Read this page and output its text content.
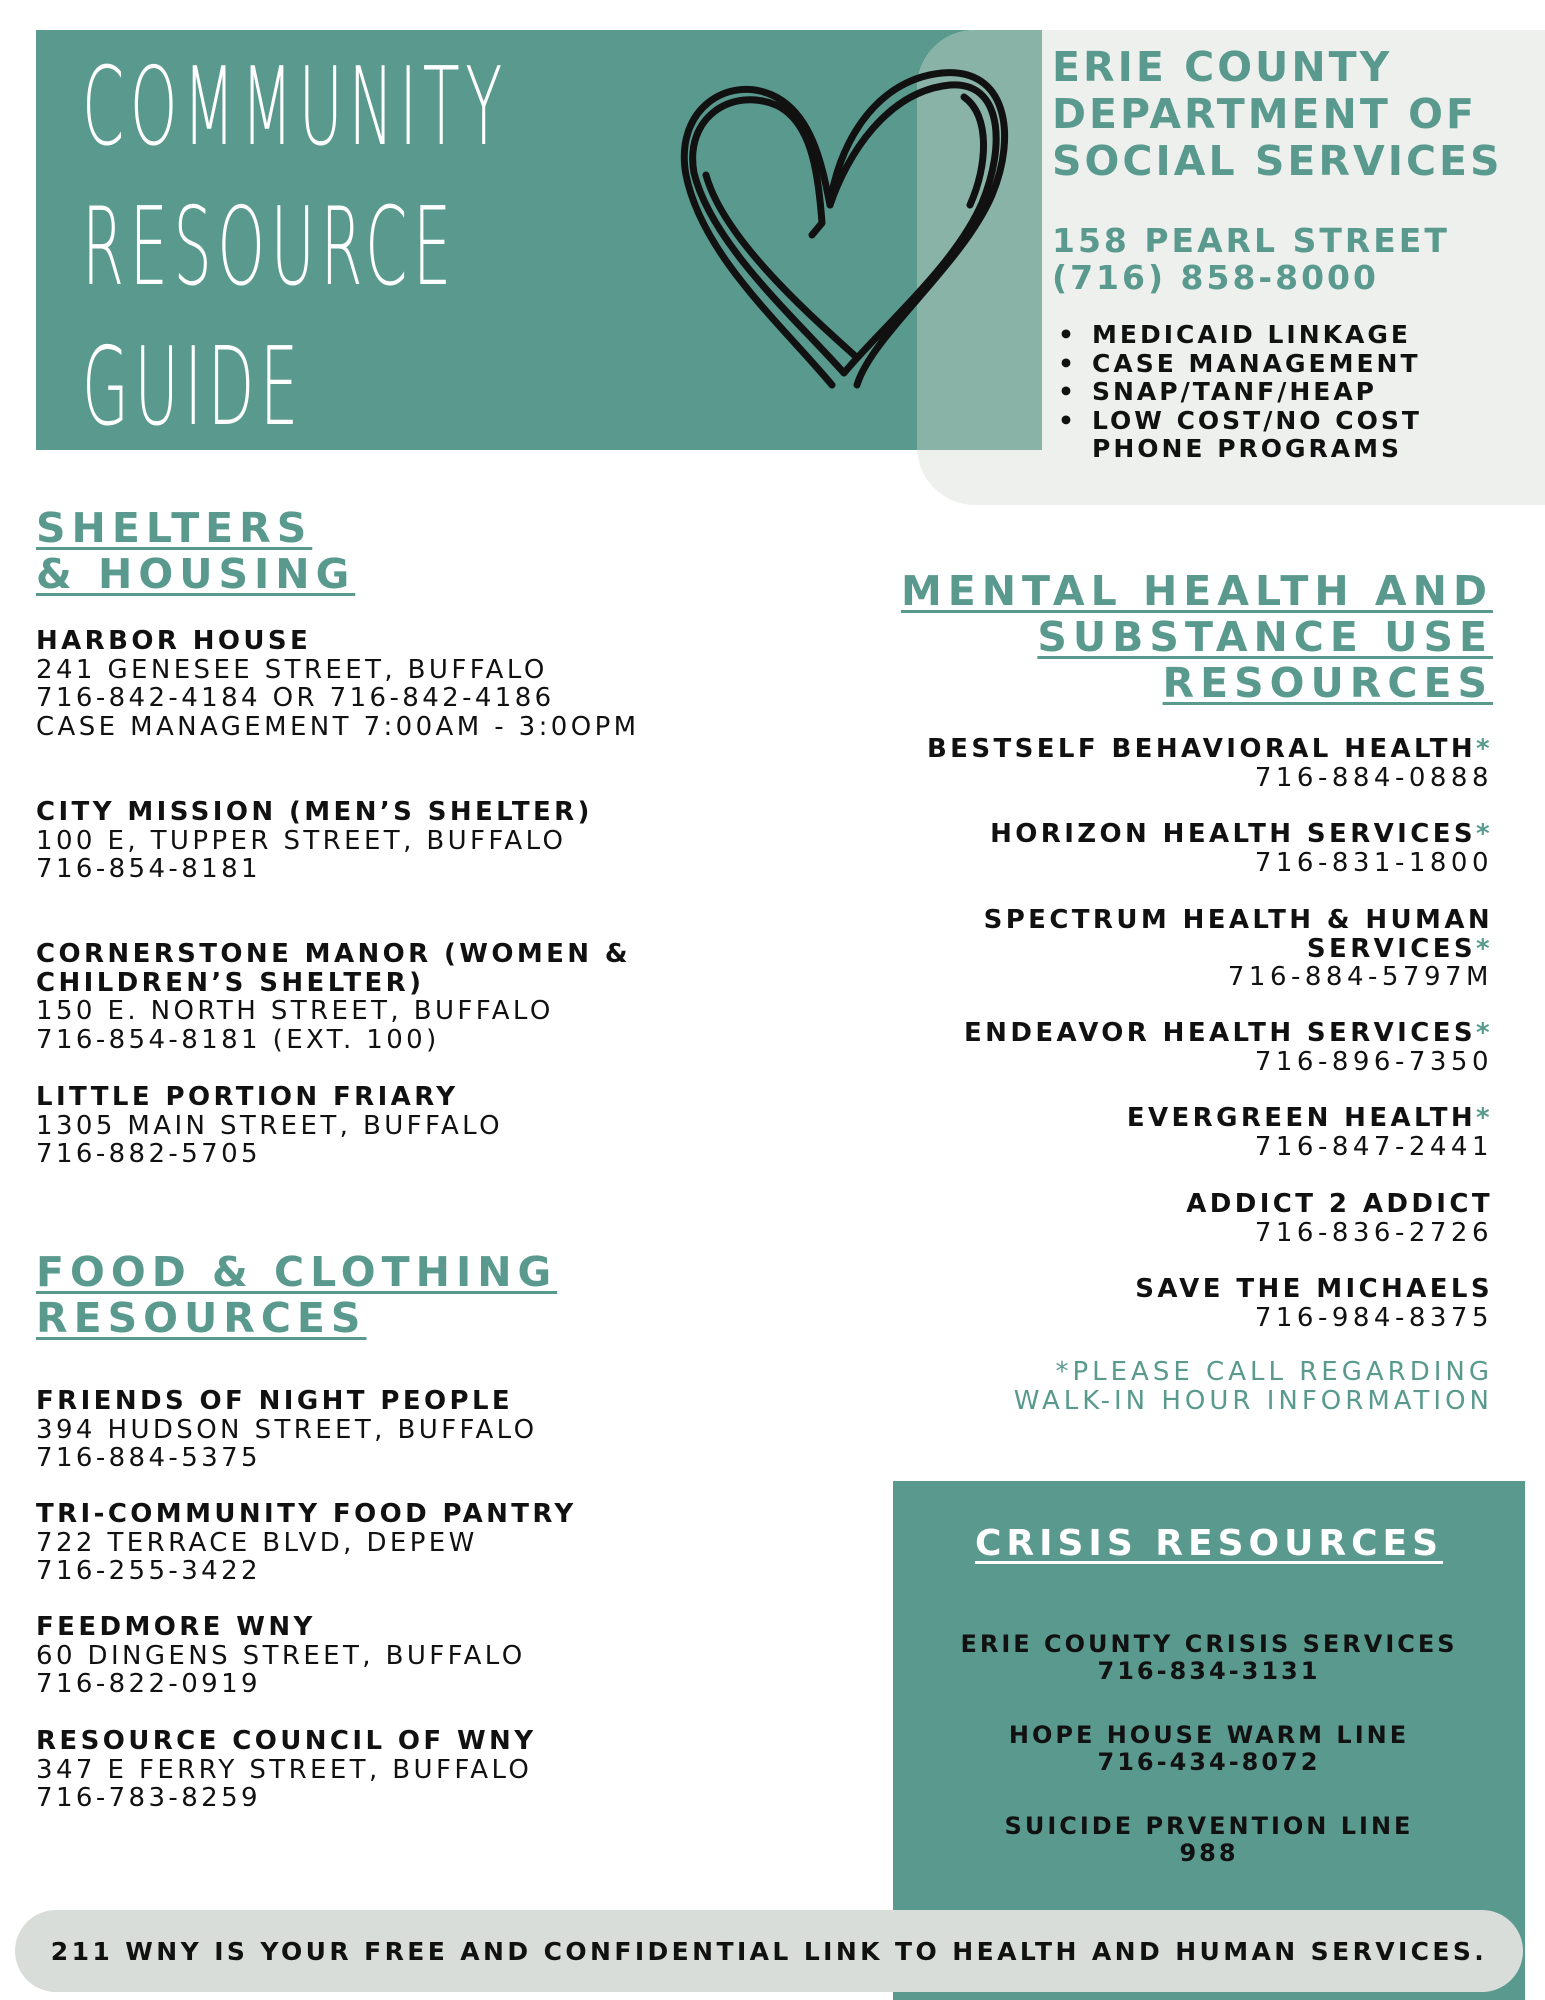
COMMUNITY
RESOURCE
GUIDE
ERIE COUNTY
DEPARTMENT OF
SOCIAL SERVICES
158 PEARL STREET
(716) 858-8000
• MEDICAID LINKAGE
• CASE MANAGEMENT
• SNAP/TANF/HEAP
• LOW COST/NO COST
PHONE PROGRAMS
SHELTERS
& HOUSING
HARBOR HOUSE
241 GENESEE STREET, BUFFALO
716-842-4184 OR 716-842-4186
CASE MANAGEMENT 7:00AM - 3:0OPM
CITY MISSION (MEN’S SHELTER)
100 E, TUPPER STREET, BUFFALO
716-854-8181
CORNERSTONE MANOR (WOMEN &
CHILDREN’S SHELTER)
150 E. NORTH STREET, BUFFALO
716-854-8181 (EXT. 100)
LITTLE PORTION FRIARY
1305 MAIN STREET, BUFFALO
716-882-5705
FOOD & CLOTHING
RESOURCES
FRIENDS OF NIGHT PEOPLE
394 HUDSON STREET, BUFFALO
716-884-5375
TRI-COMMUNITY FOOD PANTRY
722 TERRACE BLVD, DEPEW
716-255-3422
FEEDMORE WNY
60 DINGENS STREET, BUFFALO
716-822-0919
RESOURCE COUNCIL OF WNY
347 E FERRY STREET, BUFFALO
716-783-8259
MENTAL HEALTH AND
SUBSTANCE USE
RESOURCES
BESTSELF BEHAVIORAL HEALTH*
716-884-0888
HORIZON HEALTH SERVICES*
716-831-1800
SPECTRUM HEALTH & HUMAN
SERVICES*
716-884-5797M
ENDEAVOR HEALTH SERVICES*
716-896-7350
EVERGREEN HEALTH*
716-847-2441
ADDICT 2 ADDICT
716-836-2726
SAVE THE MICHAELS
716-984-8375
*PLEASE CALL REGARDING
WALK-IN HOUR INFORMATION
CRISIS RESOURCES
ERIE COUNTY CRISIS SERVICES
716-834-3131
HOPE HOUSE WARM LINE
716-434-8072
SUICIDE PRVENTION LINE
988
211 WNY IS YOUR FREE AND CONFIDENTIAL LINK TO HEALTH AND HUMAN SERVICES.
